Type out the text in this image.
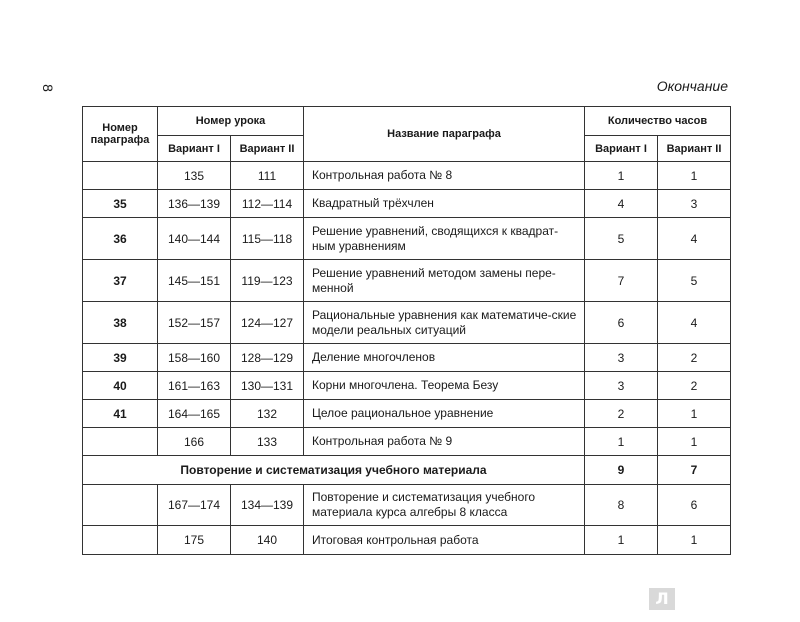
8	Окончание
Номер параграфа	Номер урока		Название параграфа	Количество часов	
	Вариант I	Вариант II		Вариант I	Вариант II
	135	111	Контрольная работа № 8	1	1
35	136—139	112—114	Квадратный трёхчлен	4	3
36	140—144	115—118	Решение уравнений, сводящихся к квадрат-ным уравнениям	5	4
37	145—151	119—123	Решение уравнений методом замены пере-менной	7	5
38	152—157	124—127	Рациональные уравнения как математиче-ские модели реальных ситуаций	6	4
39	158—160	128—129	Деление многочленов	3	2
40	161—163	130—131	Корни многочлена. Теорема Безу	3	2
41	164—165	132	Целое рациональное уравнение	2	1
	166	133	Контрольная работа № 9	1	1
Повторение и систематизация учебного материала				9	7
	167—174	134—139	Повторение и систематизация учебного материала курса алгебры 8 класса	8	6
	175	140	Итоговая контрольная работа	1	1
Л
